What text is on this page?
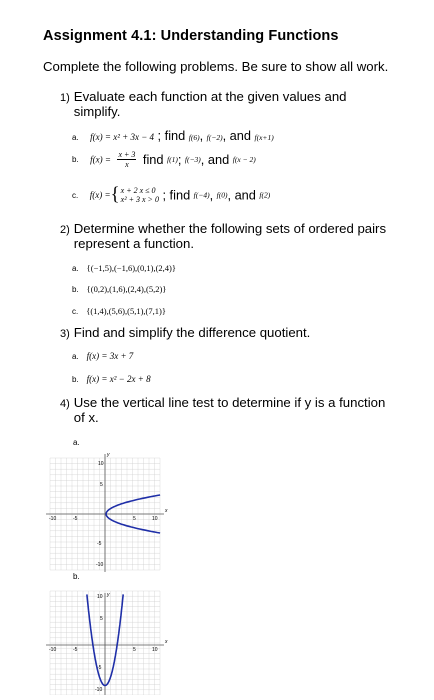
Assignment 4.1: Understanding Functions
Complete the following problems. Be sure to show all work.
1) Evaluate each function at the given values and simplify.
a. f(x) = x² + 3x − 4 ; find f(6), f(−2), and f(x+1)
b. $f(x) = \frac{x + 3}{x}$ find f(1); f(−3), and f(x − 2)
c. f(x) ={ x + 2 x ≤ 0
x² + 3 x > 0 ; find f(−4), f(0), and f(2)
2) Determine whether the following sets of ordered pairs represent a function.
a. {(−1,5),(−1,6),(0,1),(2,4)}
b. {(0,2),(1,6),(2,4),(5,2)}
c. {(1,4),(5,6),(5,1),(7,1)}
3) Find and simplify the difference quotient.
a. f(x) = 3x + 7
b. f(x) = x² − 2x + 8
4) Use the vertical line test to determine if y is a function of x.
a.
10
5
-5
-10
-10	-5	5	10
x
y
b.
10
5
-5
-10
-10	-5	5	10
x
y
